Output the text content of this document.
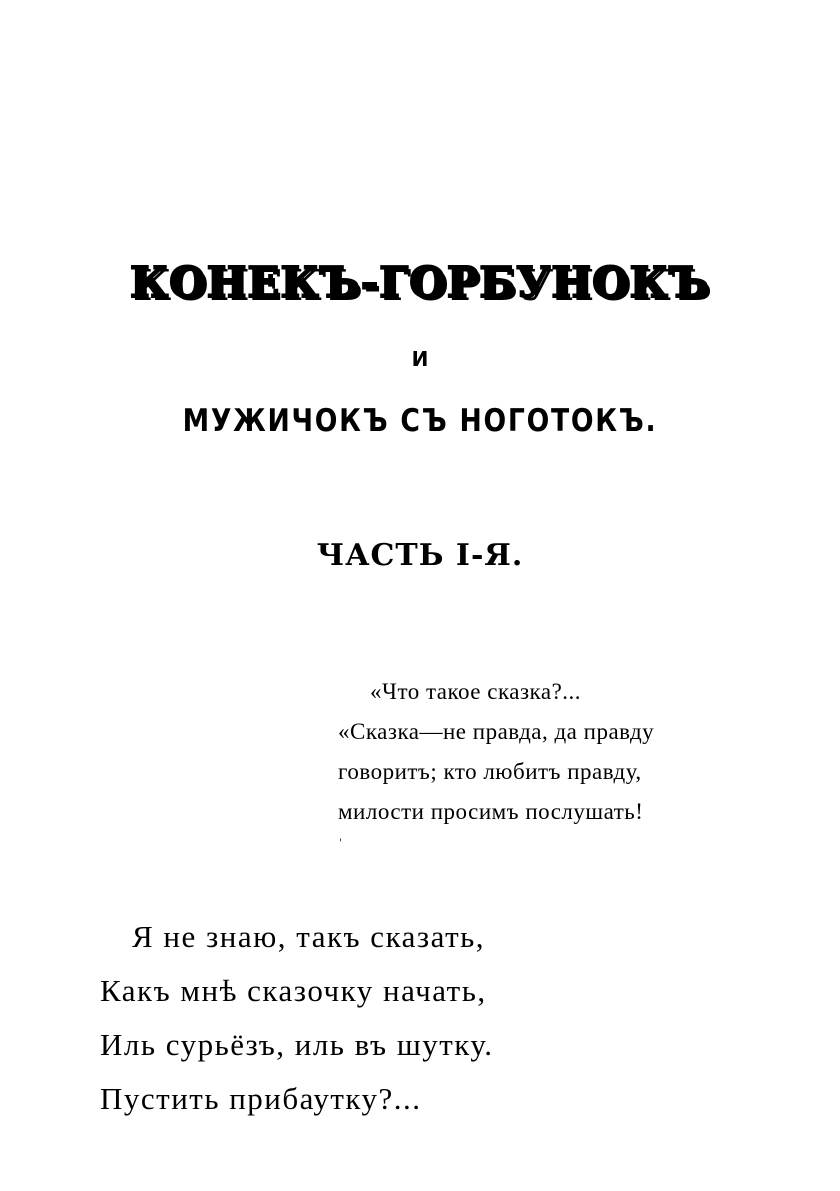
КОНЕКЪ-ГОРБУНОКЪ
И
МУЖИЧОКЪ СЪ НОГОТОКЪ.
ЧАСТЬ I-Я.
«Что такое сказка?...
«Сказка—не правда, да правду
говоритъ; кто любитъ правду,
милости просимъ послушать!
'
Я не знаю, такъ сказать,
Какъ мнѣ сказочку начать,
Иль сурьёзъ, иль въ шутку.
Пустить прибаутку?...
